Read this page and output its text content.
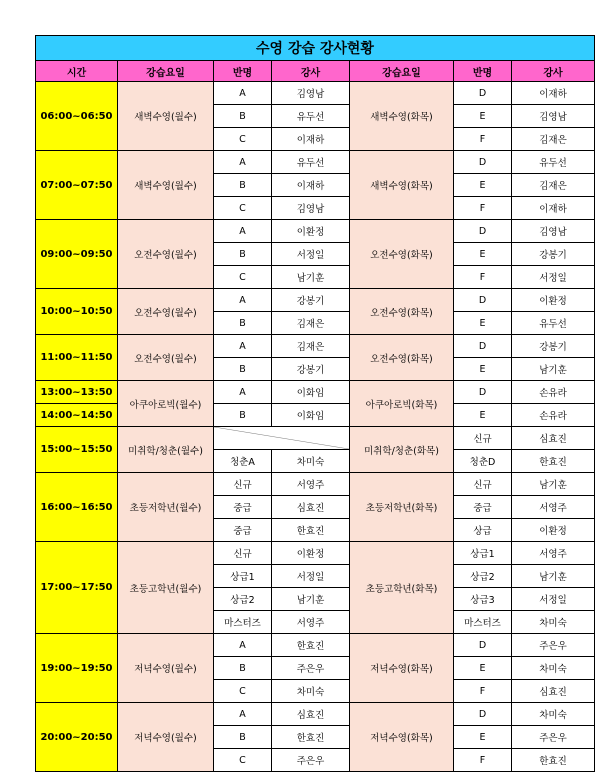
수영 강습 강사현황						
시간	강습요일	반명	강사	강습요일	반명	강사
06:00~06:50	새벽수영(월수)	A	김영남	새벽수영(화목)	D	이재하
		B	유두선		E	김영남
		C	이재하		F	김재은
07:00~07:50	새벽수영(월수)	A	유두선	새벽수영(화목)	D	유두선
		B	이재하		E	김재은
		C	김영남		F	이재하
09:00~09:50	오전수영(월수)	A	이환정	오전수영(화목)	D	김영남
		B	서정일		E	강봉기
		C	남기훈		F	서정일
10:00~10:50	오전수영(월수)	A	강봉기	오전수영(화목)	D	이환정
		B	김재은		E	유두선
11:00~11:50	오전수영(월수)	A	김재은	오전수영(화목)	D	강봉기
		B	강봉기		E	남기훈
13:00~13:50	아쿠아로빅(월수)	A	이화임	아쿠아로빅(화목)	D	손유라
14:00~14:50		B	이화임		E	손유라
15:00~15:50	미취학/청춘(월수)			미취학/청춘(화목)	신규	심효진
		청춘A	차미숙		청춘D	한효진
16:00~16:50	초등저학년(월수)	신규	서영주	초등저학년(화목)	신규	남기훈
		중급	심효진		중급	서영주
		중급	한효진		상급	이환정
17:00~17:50	초등고학년(월수)	신규	이환정	초등고학년(화목)	상급1	서영주
		상급1	서정일		상급2	남기훈
		상급2	남기훈		상급3	서정일
		마스터즈	서영주		마스터즈	차미숙
19:00~19:50	저녁수영(월수)	A	한효진	저녁수영(화목)	D	주은우
		B	주은우		E	차미숙
		C	차미숙		F	심효진
20:00~20:50	저녁수영(월수)	A	심효진	저녁수영(화목)	D	차미숙
		B	한효진		E	주은우
		C	주은우		F	한효진
